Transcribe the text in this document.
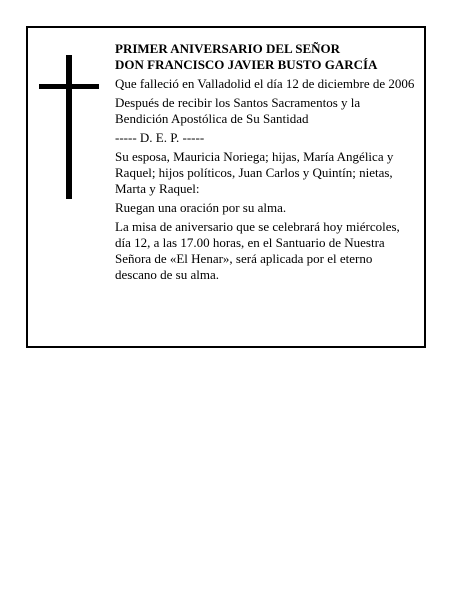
PRIMER ANIVERSARIO DEL SEÑOR
DON FRANCISCO JAVIER BUSTO GARCÍA

Que falleció en Valladolid el día 12 de diciembre de 2006

Después de recibir los Santos Sacramentos y la Bendición Apostólica de Su Santidad

----- D. E. P. -----

Su esposa, Mauricia Noriega; hijas, María Angélica y Raquel; hijos políticos, Juan Carlos y Quintín; nietas, Marta y Raquel:

Ruegan una oración por su alma.

La misa de aniversario que se celebrará hoy miércoles, día 12, a las 17.00 horas, en el Santuario de Nuestra Señora de «El Henar», será aplicada por el eterno descano de su alma.
